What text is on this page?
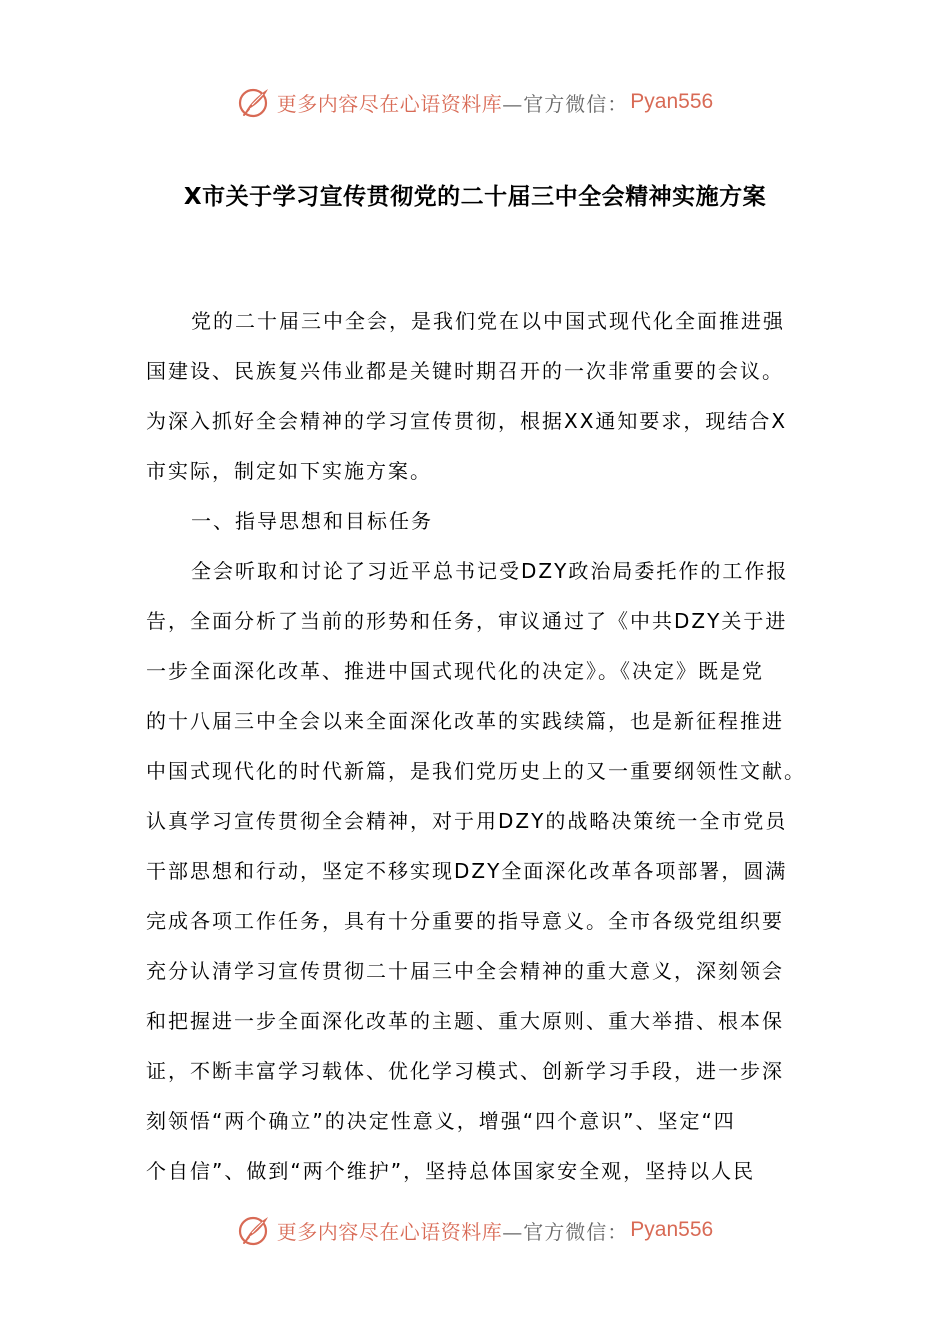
更多内容尽在心语资料库 —官方微信： Pyan556
X市关于学习宣传贯彻党的二十届三中全会精神实施方案
党的二十届三中全会，是我们党在以中国式现代化全面推进强
国建设、民族复兴伟业都是关键时期召开的一次非常重要的会议。
为深入抓好全会精神的学习宣传贯彻，根据XX通知要求，现结合X
市实际，制定如下实施方案。
一、指导思想和目标任务
全会听取和讨论了习近平总书记受DZY政治局委托作的工作报
告，全面分析了当前的形势和任务，审议通过了《中共DZY关于进
一步全面深化改革、推进中国式现代化的决定》。《决定》既是党
的十八届三中全会以来全面深化改革的实践续篇，也是新征程推进
中国式现代化的时代新篇，是我们党历史上的又一重要纲领性文献。
认真学习宣传贯彻全会精神，对于用DZY的战略决策统一全市党员
干部思想和行动，坚定不移实现DZY全面深化改革各项部署，圆满
完成各项工作任务，具有十分重要的指导意义。全市各级党组织要
充分认清学习宣传贯彻二十届三中全会精神的重大意义，深刻领会
和把握进一步全面深化改革的主题、重大原则、重大举措、根本保
证，不断丰富学习载体、优化学习模式、创新学习手段，进一步深
刻领悟“两个确立”的决定性意义，增强“四个意识”、坚定“四
个自信”、做到“两个维护”，坚持总体国家安全观，坚持以人民
更多内容尽在心语资料库 —官方微信： Pyan556
